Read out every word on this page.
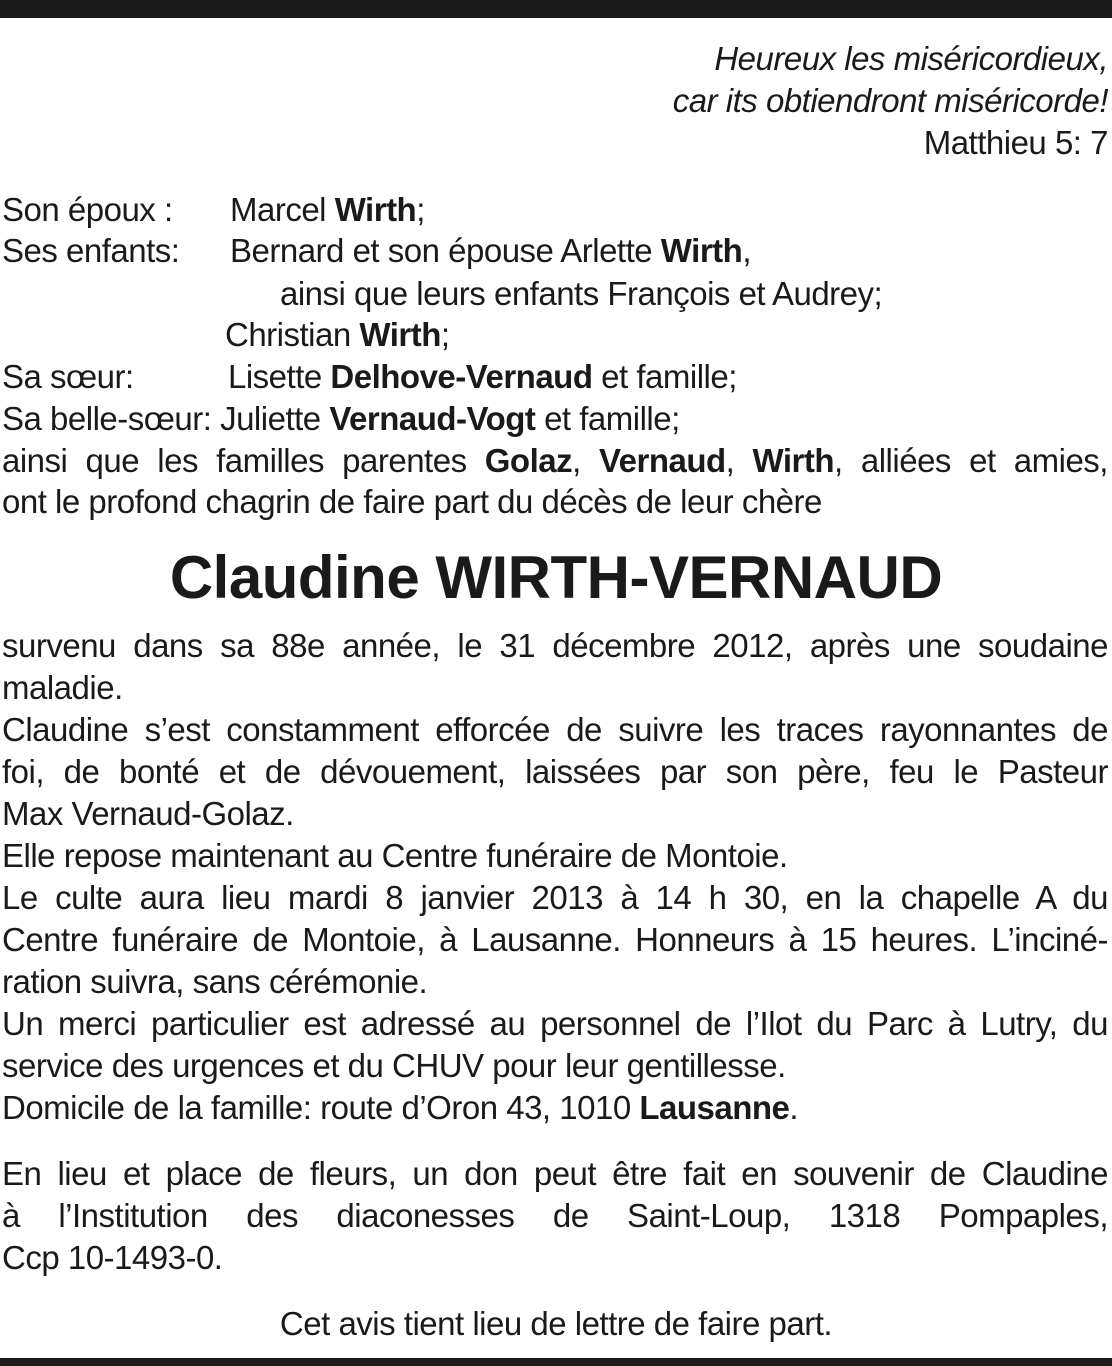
Heureux les miséricordieux,
car its obtiendront miséricorde!
Matthieu 5: 7
Son époux : Marcel Wirth;
Ses enfants: Bernard et son épouse Arlette Wirth,
ainsi que leurs enfants François et Audrey;
Christian Wirth;
Sa sœur:	Lisette Delhove-Vernaud et famille;
Sa belle-sœur: Juliette Vernaud-Vogt et famille;
ainsi que les familles parentes Golaz, Vernaud, Wirth, alliées et amies,
ont le profond chagrin de faire part du décès de leur chère
Claudine WIRTH-VERNAUD
survenu dans sa 88e année, le 31 décembre 2012, après une soudaine
maladie.
Claudine s’est constamment efforcée de suivre les traces rayonnantes de
foi, de bonté et de dévouement, laissées par son père, feu le Pasteur
Max Vernaud-Golaz.
Elle repose maintenant au Centre funéraire de Montoie.
Le culte aura lieu mardi 8 janvier 2013 à 14 h 30, en la chapelle A du
Centre funéraire de Montoie, à Lausanne. Honneurs à 15 heures. L’inciné-
ration suivra, sans cérémonie.
Un merci particulier est adressé au personnel de l’Ilot du Parc à Lutry, du
service des urgences et du CHUV pour leur gentillesse.
Domicile de la famille: route d’Oron 43, 1010 Lausanne.
En lieu et place de fleurs, un don peut être fait en souvenir de Claudine
à l’Institution des diaconesses de Saint-Loup, 1318 Pompaples,
Ccp 10-1493-0.
Cet avis tient lieu de lettre de faire part.
